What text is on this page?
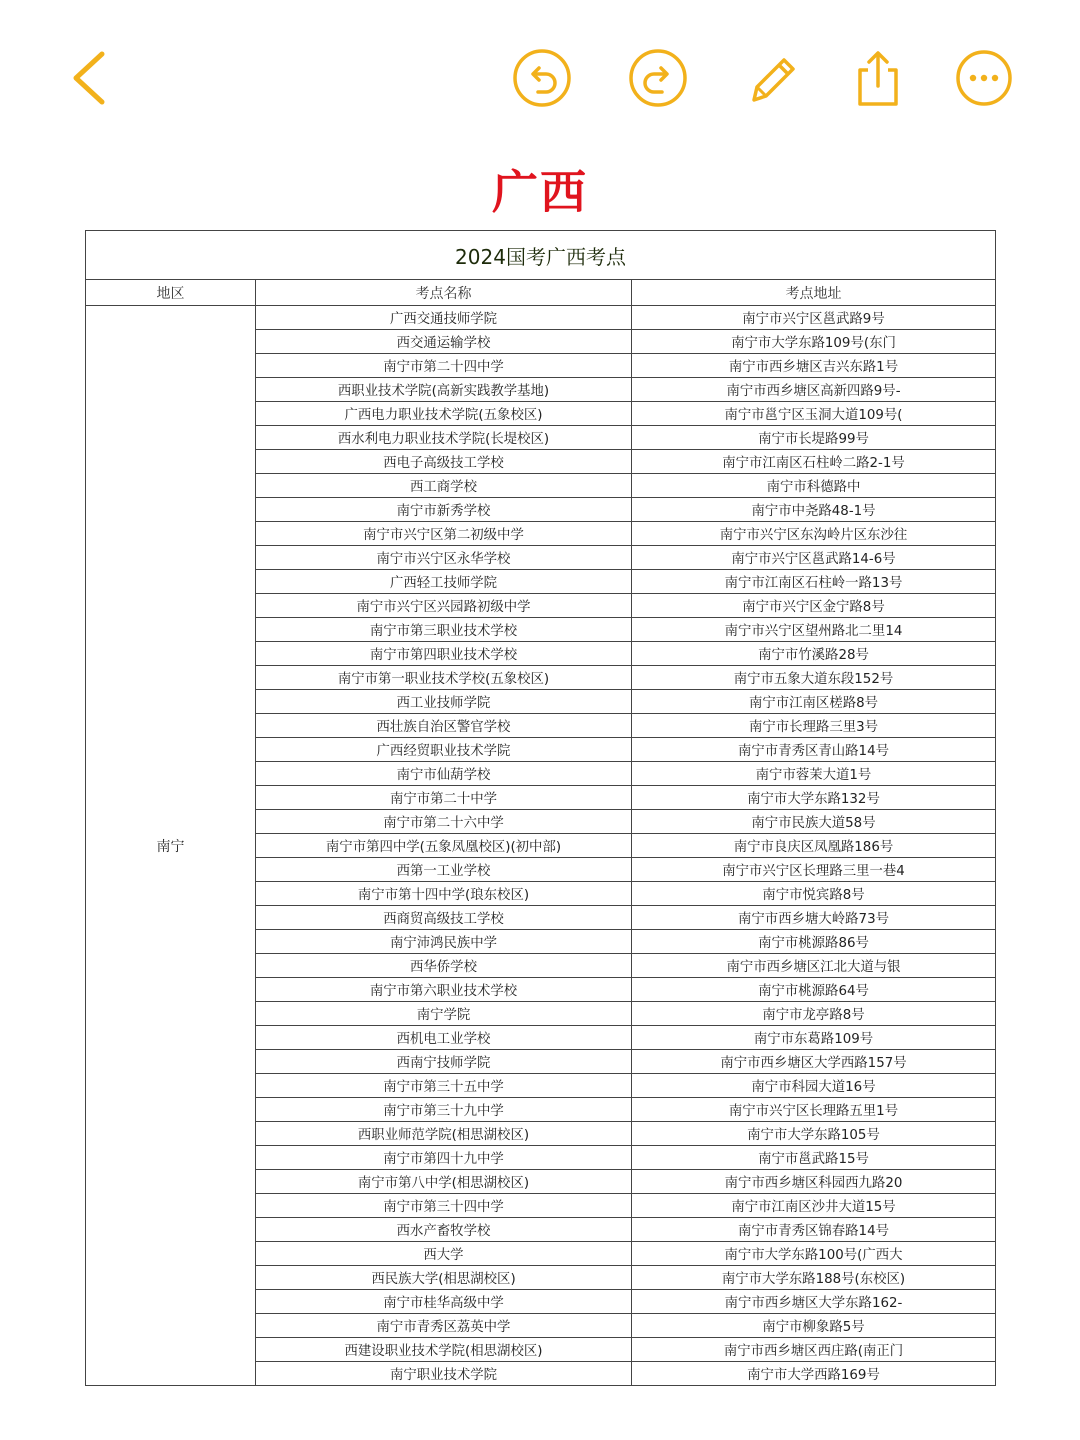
广西
2024国考广西考点		
地区	考点名称	考点地址
南宁	广西交通技师学院	南宁市兴宁区邕武路9号
	西交通运输学校	南宁市大学东路109号(东门
	南宁市第二十四中学	南宁市西乡塘区吉兴东路1号
	西职业技术学院(高新实践教学基地)	南宁市西乡塘区高新四路9号-
	广西电力职业技术学院(五象校区)	南宁市邕宁区玉洞大道109号(
	西水利电力职业技术学院(长堤校区)	南宁市长堤路99号
	西电子高级技工学校	南宁市江南区石柱岭二路2-1号
	西工商学校	南宁市科德路中
	南宁市新秀学校	南宁市中尧路48-1号
	南宁市兴宁区第二初级中学	南宁市兴宁区东沟岭片区东沙往
	南宁市兴宁区永华学校	南宁市兴宁区邕武路14-6号
	广西轻工技师学院	南宁市江南区石柱岭一路13号
	南宁市兴宁区兴园路初级中学	南宁市兴宁区金宁路8号
	南宁市第三职业技术学校	南宁市兴宁区望州路北二里14
	南宁市第四职业技术学校	南宁市竹溪路28号
	南宁市第一职业技术学校(五象校区)	南宁市五象大道东段152号
	西工业技师学院	南宁市江南区槎路8号
	西壮族自治区警官学校	南宁市长理路三里3号
	广西经贸职业技术学院	南宁市青秀区青山路14号
	南宁市仙葫学校	南宁市蓉茉大道1号
	南宁市第二十中学	南宁市大学东路132号
	南宁市第二十六中学	南宁市民族大道58号
	南宁市第四中学(五象凤凰校区)(初中部)	南宁市良庆区凤凰路186号
	西第一工业学校	南宁市兴宁区长理路三里一巷4
	南宁市第十四中学(琅东校区)	南宁市悦宾路8号
	西商贸高级技工学校	南宁市西乡塘大岭路73号
	南宁沛鸿民族中学	南宁市桃源路86号
	西华侨学校	南宁市西乡塘区江北大道与银
	南宁市第六职业技术学校	南宁市桃源路64号
	南宁学院	南宁市龙亭路8号
	西机电工业学校	南宁市东葛路109号
	西南宁技师学院	南宁市西乡塘区大学西路157号
	南宁市第三十五中学	南宁市科园大道16号
	南宁市第三十九中学	南宁市兴宁区长理路五里1号
	西职业师范学院(相思湖校区)	南宁市大学东路105号
	南宁市第四十九中学	南宁市邕武路15号
	南宁市第八中学(相思湖校区)	南宁市西乡塘区科园西九路20
	南宁市第三十四中学	南宁市江南区沙井大道15号
	西水产畜牧学校	南宁市青秀区锦春路14号
	西大学	南宁市大学东路100号(广西大
	西民族大学(相思湖校区)	南宁市大学东路188号(东校区)
	南宁市桂华高级中学	南宁市西乡塘区大学东路162-
	南宁市青秀区荔英中学	南宁市柳象路5号
	西建设职业技术学院(相思湖校区)	南宁市西乡塘区西庄路(南正门
	南宁职业技术学院	南宁市大学西路169号
